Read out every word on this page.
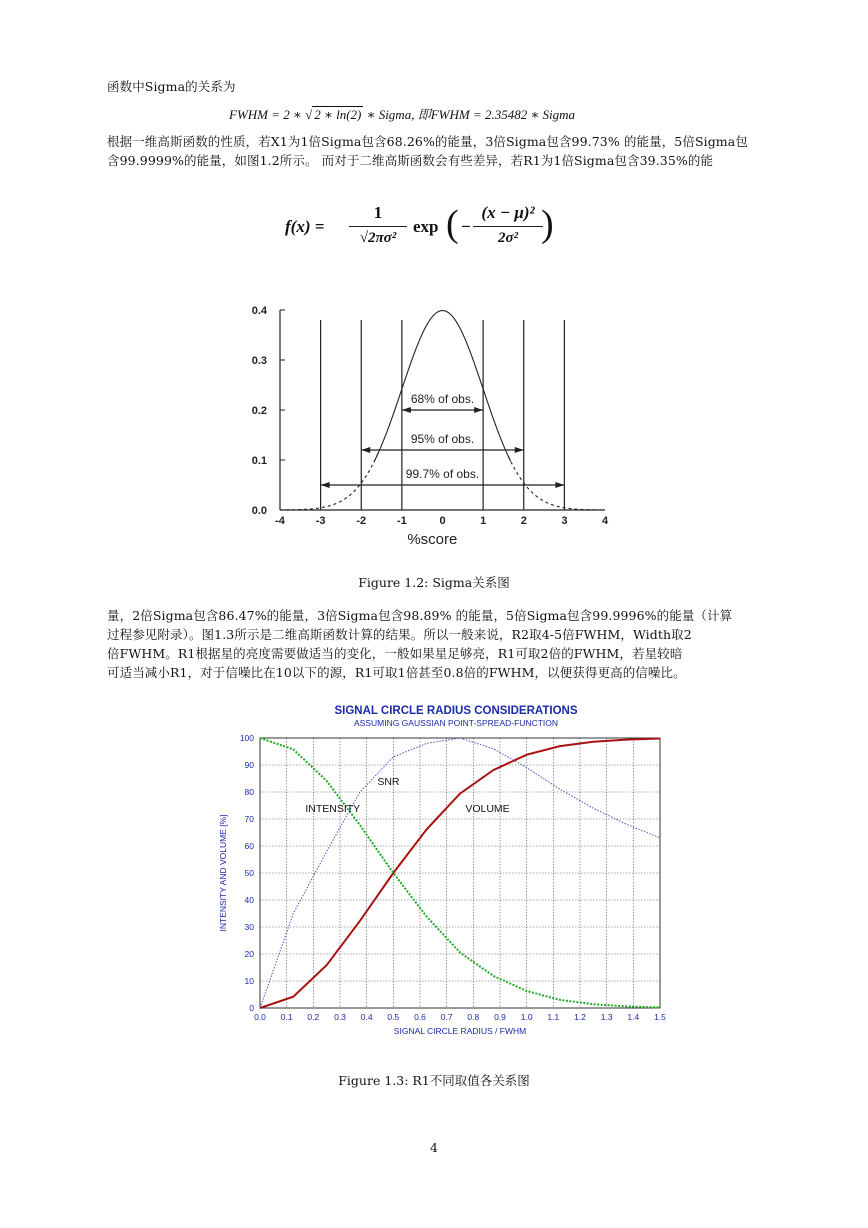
函数中Sigma的关系为
FWHM = 2 ∗ √ 2 ∗ ln(2) ∗ Sigma, 即FWHM = 2.35482 ∗ Sigma
根据一维高斯函数的性质，若X1为1倍Sigma包含68.26%的能量，3倍Sigma包含99.73% 的能量，5倍Sigma包
含99.9999%的能量，如图1.2所示。 而对于二维高斯函数会有些差异，若R1为1倍Sigma包含39.35%的能
f(x) =
1
√2πσ²
exp ( −
(x − μ)²
2σ² )
0.0
0.1
0.2
0.3
0.4
-4	-3	-2	-1	0	1	2	3	4
%score
68% of obs.
95% of obs.
99.7% of obs.
Figure 1.2: Sigma关系图
量，2倍Sigma包含86.47%的能量，3倍Sigma包含98.89% 的能量，5倍Sigma包含99.9996%的能量（计算
过程参见附录）。图1.3所示是二维高斯函数计算的结果。所以一般来说，R2取4-5倍FWHM，Width取2
倍FWHM。R1根据星的亮度需要做适当的变化，一般如果星足够亮，R1可取2倍的FWHM，若星较暗
可适当减小R1，对于信噪比在10以下的源，R1可取1倍甚至0.8倍的FWHM，以便获得更高的信噪比。
SIGNAL CIRCLE RADIUS CONSIDERATIONS
ASSUMING GAUSSIAN POINT-SPREAD-FUNCTION
0
10
20
30
40
50
60
70
80
90
100
0.0 0.1 0.2 0.3 0.4 0.5 0.6 0.7 0.8 0.9 1.0 1.1 1.2 1.3 1.4 1.5
SIGNAL CIRCLE RADIUS / FWHM
INTENSITY AND VOLUME [%]
SNR
INTENSITY	VOLUME
Figure 1.3: R1不同取值各关系图
4
